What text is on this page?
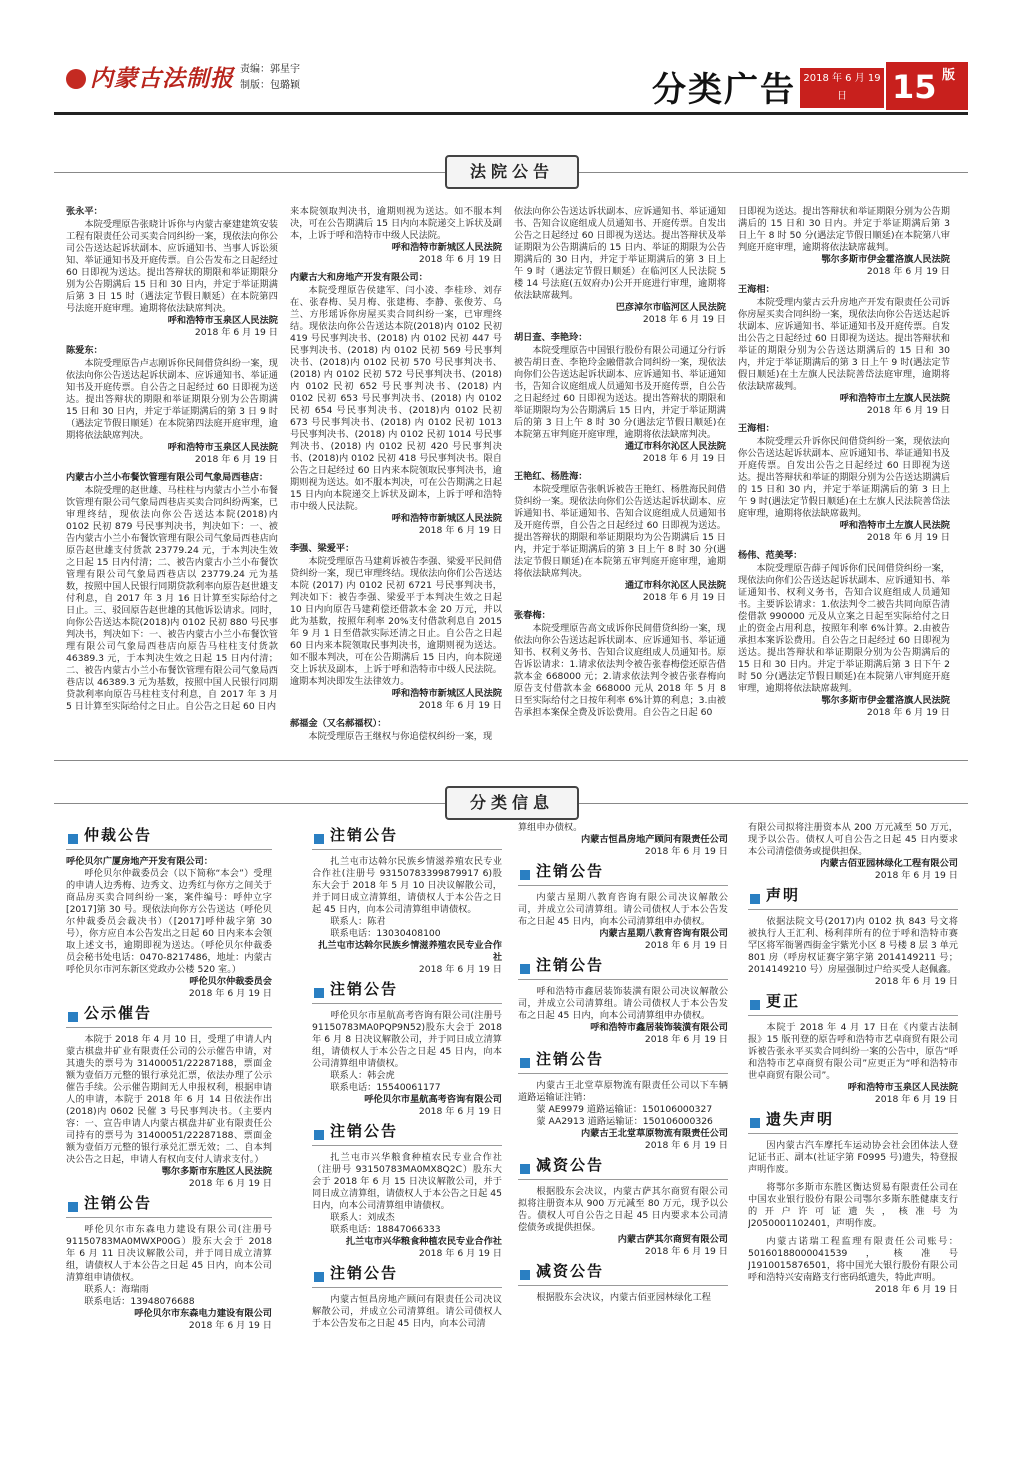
内蒙古法制报 责编：郭星宇
制版：包璐颖	分类广告 2018 年 6 月 19 日	15 版
法院公告
张永平：
本院受理原告张晓计诉你与内蒙古豪建建筑安装工程有限责任公司买卖合同纠纷一案，现依法向你公司公告送达起诉状副本、应诉通知书、当事人诉讼须知、举证通知书及开庭传票。自公告发布之日起经过 60 日即视为送达。提出答辩状的期限和举证期限分别为公告期满后 15 日和 30 日内，并定于举证期满后第 3 日 15 时（遇法定节假日顺延）在本院第四号法庭开庭审理。逾期将依法缺席判决。
呼和浩特市玉泉区人民法院
2018 年 6 月 19 日
陈爱东：
本院受理原告卢志刚诉你民间借贷纠纷一案，现依法向你公告送达起诉状副本、应诉通知书、举证通知书及开庭传票。自公告之日起经过 60 日即视为送达。提出答辩状的期限和举证期限分别为公告期满 15 日和 30 日内，并定于举证期满后的第 3 日 9 时（遇法定节假日顺延）在本院第四法庭开庭审理，逾期将依法缺席判决。
呼和浩特市玉泉区人民法院
2018 年 6 月 19 日
内蒙古小兰小布餐饮管理有限公司气象局西巷店：
本院受理的赵世雄、马柱柱与内蒙古小兰小布餐饮管理有限公司气象局西巷店买卖合同纠纷两案，已审理终结，现依法向你公告送达本院(2018)内 0102 民初 879 号民事判决书，判决如下：一、被告内蒙古小兰小布餐饮管理有限公司气象局西巷店向原告赵世雄支付货款 23779.24 元，于本判决生效之日起 15 日内付清；二、被告内蒙古小兰小布餐饮管理有限公司气象局西巷店以 23779.24 元为基数，按照中国人民银行同期贷款利率向原告赵世雄支付利息，自 2017 年 3 月 16 日计算至实际给付之日止。三、驳回原告赵世雄的其他诉讼请求。同时，向你公告送达本院(2018)内 0102 民初 880 号民事判决书，判决如下：一、被告内蒙古小兰小布餐饮管理有限公司气象局西巷店向原告马柱柱支付货款 46389.3 元，于本判决生效之日起 15 日内付清；二、被告内蒙古小兰小布餐饮管理有限公司气象局西巷店以 46389.3 元为基数，按照中国人民银行同期贷款利率向原告马柱柱支付利息，自 2017 年 3 月 5 日计算至实际给付之日止。自公告之日起 60 日内
来本院领取判决书，逾期则视为送达。如不服本判决，可在公告期满后 15 日内向本院递交上诉状及副本，上诉于呼和浩特市中级人民法院。
呼和浩特市新城区人民法院
2018 年 6 月 19 日
内蒙古大和房地产开发有限公司：
本院受理原告侯建军、闫小凌、李桂珍、刘存在、张春梅、吴月梅、张建梅、李静、张俊芳、乌兰、方彤瑶诉你房屋买卖合同纠纷一案，已审理终结。现依法向你公告送达本院(2018)内 0102 民初 419 号民事判决书、(2018) 内 0102 民初 447 号民事判决书、(2018) 内 0102 民初 569 号民事判决书、(2018)内 0102 民初 570 号民事判决书、(2018) 内 0102 民初 572 号民事判决书、(2018) 内 0102 民初 652 号民事判决书、(2018) 内 0102 民初 653 号民事判决书、(2018) 内 0102 民初 654 号民事判决书、(2018)内 0102 民初 673 号民事判决书、(2018) 内 0102 民初 1013 号民事判决书、(2018) 内 0102 民初 1014 号民事判决书、(2018) 内 0102 民初 420 号民事判决书、(2018)内 0102 民初 418 号民事判决书。限自公告之日起经过 60 日内来本院领取民事判决书，逾期则视为送达。如不服本判决，可在公告期满之日起 15 日内向本院递交上诉状及副本，上诉于呼和浩特市中级人民法院。
呼和浩特市新城区人民法院
2018 年 6 月 19 日
李强、梁爱平：
本院受理原告马建莉诉被告李强、梁爱平民间借贷纠纷一案，现已审理终结。现依法向你们公告送达本院 (2017) 内 0102 民初 6721 号民事判决书，判决如下：被告李强、梁爱平于本判决生效之日起 10 日内向原告马建莉偿还借款本金 20 万元，并以此为基数，按照年利率 20%支付借款利息自 2015 年 9 月 1 日至借款实际还清之日止。自公告之日起 60 日内来本院领取民事判决书，逾期则视为送达。如不服本判决，可在公告期满后 15 日内，向本院递交上诉状及副本，上诉于呼和浩特市中级人民法院。逾期本判决即发生法律效力。
呼和浩特市新城区人民法院
2018 年 6 月 19 日
郝福金（又名郝福权）：
本院受理原告王继权与你追偿权纠纷一案，现
依法向你公告送达诉状副本、应诉通知书、举证通知书、告知合议庭组成人员通知书、开庭传票。自发出公告之日起经过 60 日即视为送达。提出答辩状及举证期限为公告期满后的 15 日内、举证的期限为公告期满后的 30 日内，并定于举证期满后的第 3 日上午 9 时（遇法定节假日顺延）在临河区人民法院 5 楼 14 号法庭(五奴府办)公开开庭进行审理，逾期将依法缺席裁判。
巴彦淖尔市临河区人民法院
2018 年 6 月 19 日
胡日查、李艳玲：
本院受理原告中国银行股份有限公司通辽分行诉被告胡日查、李艳玲金融借款合同纠纷一案，现依法向你们公告送达起诉状副本、应诉通知书、举证通知书，告知合议庭组成人员通知书及开庭传票，自公告之日起经过 60 日即视为送达。提出答辩状的期限和举证期限均为公告期满后 15 日内，并定于举证期满后的第 3 日上午 8 时 30 分(遇法定节假日顺延)在本院第五审判庭开庭审理，逾期将依法缺席判决。
通辽市科尔沁区人民法院
2018 年 6 月 19 日
王艳红、杨胜海：
本院受理原告张帆诉被告王艳红、杨胜海民间借贷纠纷一案。现依法向你们公告送达起诉状副本、应诉通知书、举证通知书、告知合议庭组成人员通知书及开庭传票，自公告之日起经过 60 日即视为送达。提出答辩状的期限和举证期限均为公告期满后 15 日内，并定于举证期满后的第 3 日上午 8 时 30 分(遇法定节假日顺延)在本院第五审判庭开庭审理，逾期将依法缺席判决。
通辽市科尔沁区人民法院
2018 年 6 月 19 日
张春梅：
本院受理原告高文成诉你民间借贷纠纷一案，现依法向你公告送达起诉状副本、应诉通知书、举证通知书、权利义务书、告知合议庭组成人员通知书。原告诉讼请求：1.请求依法判令被告张春梅偿还原告借款本金 668000 元；2.请求依法判令被告张春梅向原告支付借款本金 668000 元从 2018 年 5 月 8 日至实际给付之日按年利率 6%计算的利息；3.由被告承担本案保全费及诉讼费用。自公告之日起 60
日即视为送达。提出答辩状和举证期限分别为公告期满后的 15 日和 30 日内。并定于举证期满后第 3 日上午 8 时 50 分(遇法定节假日顺延)在本院第八审判庭开庭审理，逾期将依法缺席裁判。
鄂尔多斯市伊金霍洛旗人民法院
2018 年 6 月 19 日
王海相：
本院受理内蒙古云升房地产开发有限责任公司诉你房屋买卖合同纠纷一案，现依法向你公告送达起诉状副本、应诉通知书、举证通知书及开庭传票。自发出公告之日起经过 60 日即视为送达。提出答辩状和举证的期限分别为公告送达期满后的 15 日和 30 内，并定于举证期满后的第 3 日上午 9 时(遇法定节假日顺延)在土左旗人民法院善岱法庭审理，逾期将依法缺席裁判。
呼和浩特市土左旗人民法院
2018 年 6 月 19 日
王海相：
本院受理云升诉你民间借贷纠纷一案，现依法向你公告送达起诉状副本、应诉通知书、举证通知书及开庭传票。自发出公告之日起经过 60 日即视为送达。提出答辩状和举证的期限分别为公告送达期满后的 15 日和 30 内，并定于举证期满后的第 3 日上午 9 时(遇法定节假日顺延)在土左旗人民法院善岱法庭审理，逾期将依法缺席裁判。
呼和浩特市土左旗人民法院
2018 年 6 月 19 日
杨伟、范美琴：
本院受理原告薛子闯诉你们民间借贷纠纷一案，现依法向你们公告送达起诉状副本、应诉通知书、举证通知书、权利义务书，告知合议庭组成人员通知书。主要诉讼请求：1.依法判令二被告共同向原告清偿借款 990000 元及从立案之日起至实际给付之日止的资金占用利息，按照年利率 6%计算。2.由被告承担本案诉讼费用。自公告之日起经过 60 日即视为送达。提出答辩状和举证期限分别为公告期满后的 15 日和 30 日内。并定于举证期满后第 3 日下午 2 时 50 分(遇法定节假日顺延)在本院第八审判庭开庭审理，逾期将依法缺席裁判。
鄂尔多斯市伊金霍洛旗人民法院
2018 年 6 月 19 日
分类信息
仲裁公告
呼伦贝尔广厦房地产开发有限公司：
呼伦贝尔仲裁委员会（以下简称“本会”）受理的申请人边秀梅、边秀文、边秀红与你方之间关于商品房买卖合同纠纷一案，案件编号：呼仲立字[2017]第 30 号。现依法向你方公告送达（呼伦贝尔仲裁委员会裁决书）（[2017]呼仲裁字第 30 号），你方应自本公告发出之日起 60 日内来本会领取上述文书，逾期即视为送达。（呼伦贝尔仲裁委员会秘书处电话：0470-8217486，地址：内蒙古呼伦贝尔市河东新区党政办公楼 520 室。）
呼伦贝尔仲裁委员会
2018 年 6 月 19 日
公示催告
本院于 2018 年 4 月 10 日，受理了申请人内蒙古棋盘井矿业有限责任公司的公示催告申请，对其遗失的票号为 31400051/22287188，票面金额为壹佰万元整的银行承兑汇票，依法办理了公示催告手续。公示催告期间无人申报权利，根据申请人的申请，本院于 2018 年 6 月 14 日依法作出(2018)内 0602 民催 3 号民事判决书。（主要内容：一、宣告申请人内蒙古棋盘井矿业有限责任公司持有的票号为 31400051/22287188、票面金额为壹佰万元整的银行承兑汇票无效；二、自本判决公告之日起，申请人有权向支付人请求支付。）
鄂尔多斯市东胜区人民法院
2018 年 6 月 19 日
注销公告
呼伦贝尔市东森电力建设有限公司(注册号 91150783MA0MWXP00G）股东大会于 2018 年 6 月 11 日决议解散公司，并于同日成立清算组，请债权人于本公告之日起 45 日内，向本公司清算组申请债权。
联系人：海瑞雨
联系电话：13948076688
呼伦贝尔市东森电力建设有限公司
2018 年 6 月 19 日
注销公告
扎兰屯市达斡尔民族乡情滋养殖农民专业合作社(注册号 93150783399879917 6)股东大会于 2018 年 5 月 10 日决议解散公司，并于同日成立清算组，请债权人于本公告之日起 45 日内，向本公司清算组申请债权。
联系人：陈君
联系电话：13030408100
扎兰屯市达斡尔民族乡情滋养殖农民专业合作社
2018 年 6 月 19 日
注销公告
呼伦贝尔市星航高考咨询有限公司(注册号 91150783MA0PQP9N52)股东大会于 2018 年 6 月 8 日决议解散公司，并于同日成立清算组，请债权人于本公告之日起 45 日内，向本公司清算组申请债权。
联系人：韩会虎
联系电话：15540061177
呼伦贝尔市星航高考咨询有限公司
2018 年 6 月 19 日
注销公告
扎兰屯市兴华粮食种植农民专业合作社（注册号 93150783MA0MX8Q2C）股东大会于 2018 年 6 月 15 日决议解散公司，并于同日成立清算组，请债权人于本公告之日起 45 日内，向本公司清算组申请债权。
联系人：刘成杰
联系电话：18847066333
扎兰屯市兴华粮食种植农民专业合作社
2018 年 6 月 19 日
注销公告
内蒙古恒昌房地产顾问有限责任公司决议解散公司，并成立公司清算组。请公司债权人于本公告发布之日起 45 日内，向本公司清
算组申办债权。
内蒙古恒昌房地产顾问有限责任公司
2018 年 6 月 19 日
注销公告
内蒙古星期八教育咨询有限公司决议解散公司，并成立公司清算组。请公司债权人于本公告发布之日起 45 日内，向本公司清算组申办债权。
内蒙古星期八教育咨询有限公司
2018 年 6 月 19 日
注销公告
呼和浩特市鑫居装饰装潢有限公司决议解散公司，并成立公司清算组。请公司债权人于本公告发布之日起 45 日内，向本公司清算组申办债权。
呼和浩特市鑫居装饰装潢有限公司
2018 年 6 月 19 日
注销公告
内蒙古王北堂草原物流有限责任公司以下车辆道路运输证注销：
蒙 AE9979 道路运输证：150106000327
蒙 AA2913 道路运输证：150106000326
内蒙古王北堂草原物流有限责任公司
2018 年 6 月 19 日
减资公告
根据股东会决议，内蒙古萨其尔商贸有限公司拟将注册资本从 900 万元减至 80 万元，现予以公告。债权人可自公告之日起 45 日内要求本公司清偿债务或提供担保。
内蒙古萨其尔商贸有限公司
2018 年 6 月 19 日
减资公告
根据股东会决议，内蒙古佰亚园林绿化工程
有限公司拟将注册资本从 200 万元减至 50 万元，现予以公告。债权人可自公告之日起 45 日内要求本公司清偿债务或提供担保。
内蒙古佰亚园林绿化工程有限公司
2018 年 6 月 19 日
声明
依据法院文号(2017)内 0102 执 843 号文将被执行人王汇利、杨利萍所有的位于呼和浩特市赛罕区将军衙署西街金宇紫光小区 8 号楼 8 层 3 单元 801 房（呼房权证赛字第字第 2014149211 号；2014149210 号）房屋强制过户给买受人赵佩鑫。
2018 年 6 月 19 日
更正
本院于 2018 年 4 月 17 日在《内蒙古法制报》15 版刊登的原告呼和浩特市艺卓商贸有限公司诉被告张永平买卖合同纠纷一案的公告中，原告“呼和浩特市艺卓商贸有限公司”应更正为“呼和浩特市世卓商贸有限公司”。
呼和浩特市玉泉区人民法院
2018 年 6 月 19 日
遗失声明
因内蒙古汽车摩托车运动协会社会团体法人登记证书正、副本(社证字第 F0995 号)遗失，特登报声明作废。
将鄂尔多斯市东胜区衡达贸易有限责任公司在中国农业银行股份有限公司鄂尔多斯东胜健康支行的开户许可证遗失，核准号为 J2050001102401，声明作废。
内蒙古诺瑞工程监理有限责任公司账号：50160188000041539，核准号 J1910015876501，将中国光大银行股份有限公司呼和浩特兴安南路支行密码纸遗失，特此声明。
2018 年 6 月 19 日
